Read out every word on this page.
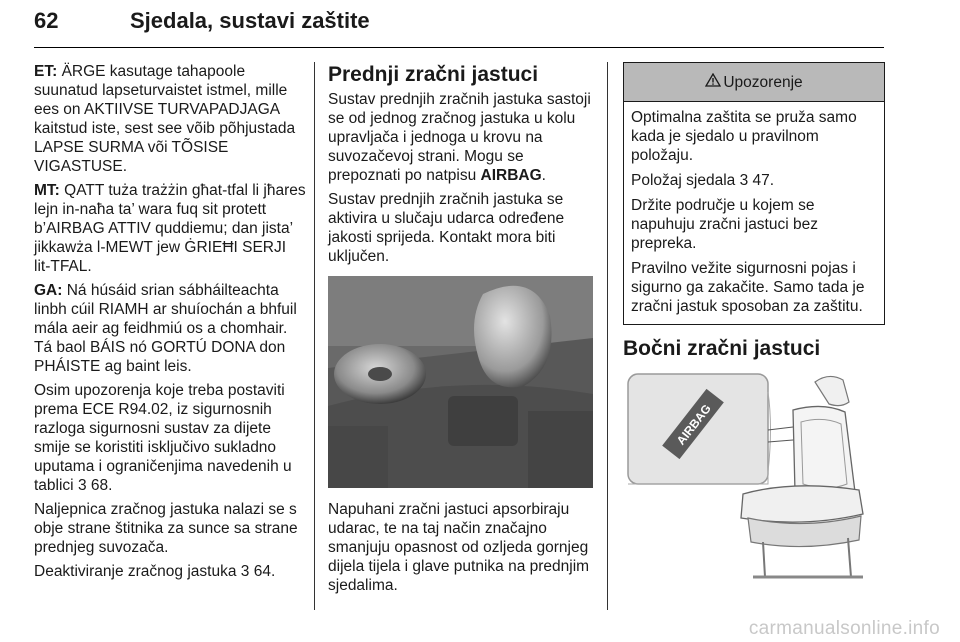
62	Sjedala, sustavi zaštite

ET: ÄRGE kasutage tahapoole suunatud lapseturvaistet istmel, mille ees on AKTIIVSE TURVAPADJAGA kaitstud iste, sest see võib põhjustada LAPSE SURMA või TÕSISE VIGASTUSE.

MT: QATT tuża trażżin għat-tfal li jħares lejn in-naħa ta’ wara fuq sit protett b’AIRBAG ATTIV quddiemu; dan jista’ jikkawża l-MEWT jew ĠRIEĦI SERJI lit-TFAL.

GA: Ná húsáid srian sábháilteachta linbh cúil RIAMH ar shuíochán a bhfuil mála aeir ag feidhmiú os a chomhair. Tá baol BÁIS nó GORTÚ DONA don PHÁISTE ag baint leis.

Osim upozorenja koje treba postaviti prema ECE R94.02, iz sigurnosnih razloga sigurnosni sustav za dijete smije se koristiti isključivo sukladno uputama i ograničenjima navedenih u tablici 3 68.

Naljepnica zračnog jastuka nalazi se s obje strane štitnika za sunce sa strane prednjeg suvozača.

Deaktiviranje zračnog jastuka 3 64.

Prednji zračni jastuci

Sustav prednjih zračnih jastuka sastoji se od jednog zračnog jastuka u kolu upravljača i jednoga u krovu na suvozačevoj strani. Mogu se prepoznati po natpisu AIRBAG.

Sustav prednjih zračnih jastuka se aktivira u slučaju udarca određene jakosti sprijeda. Kontakt mora biti uključen.

Napuhani zračni jastuci apsorbiraju udarac, te na taj način značajno smanjuju opasnost od ozljeda gornjeg dijela tijela i glave putnika na prednjim sjedalima.

Upozorenje

Optimalna zaštita se pruža samo kada je sjedalo u pravilnom položaju.

Položaj sjedala 3 47.

Držite područje u kojem se napuhuju zračni jastuci bez prepreka.

Pravilno vežite sigurnosni pojas i sigurno ga zakačite. Samo tada je zračni jastuk sposoban za zaštitu.

Bočni zračni jastuci
AIRBAG
carmanualsonline.info
